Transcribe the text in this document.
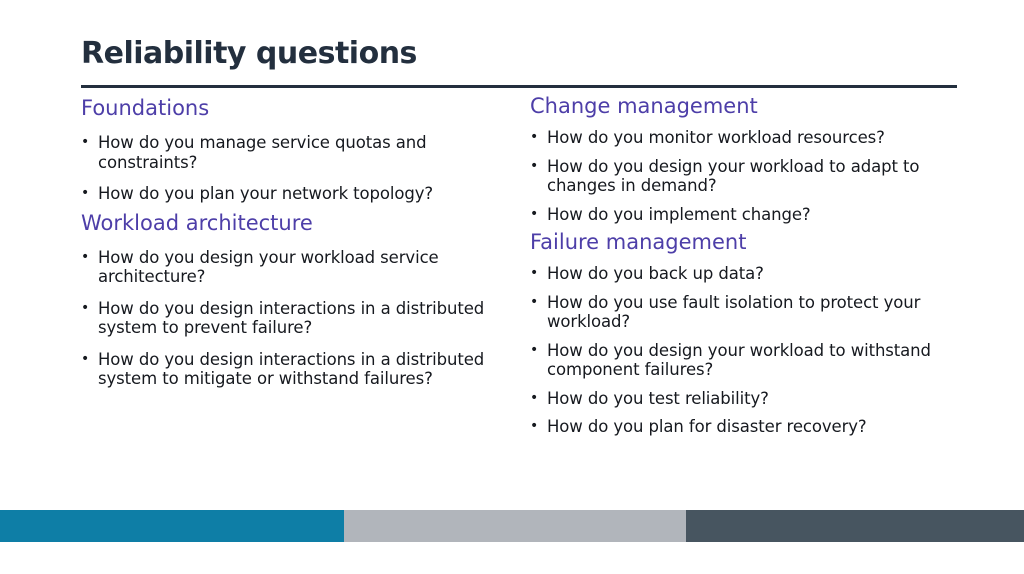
Reliability questions
Foundations
• How do you manage service quotas and constraints?
• How do you plan your network topology?
Workload architecture
• How do you design your workload service architecture?
• How do you design interactions in a distributed system to prevent failure?
• How do you design interactions in a distributed system to mitigate or withstand failures?
Change management
• How do you monitor workload resources?
• How do you design your workload to adapt to changes in demand?
• How do you implement change?
Failure management
• How do you back up data?
• How do you use fault isolation to protect your workload?
• How do you design your workload to withstand component failures?
• How do you test reliability?
• How do you plan for disaster recovery?
